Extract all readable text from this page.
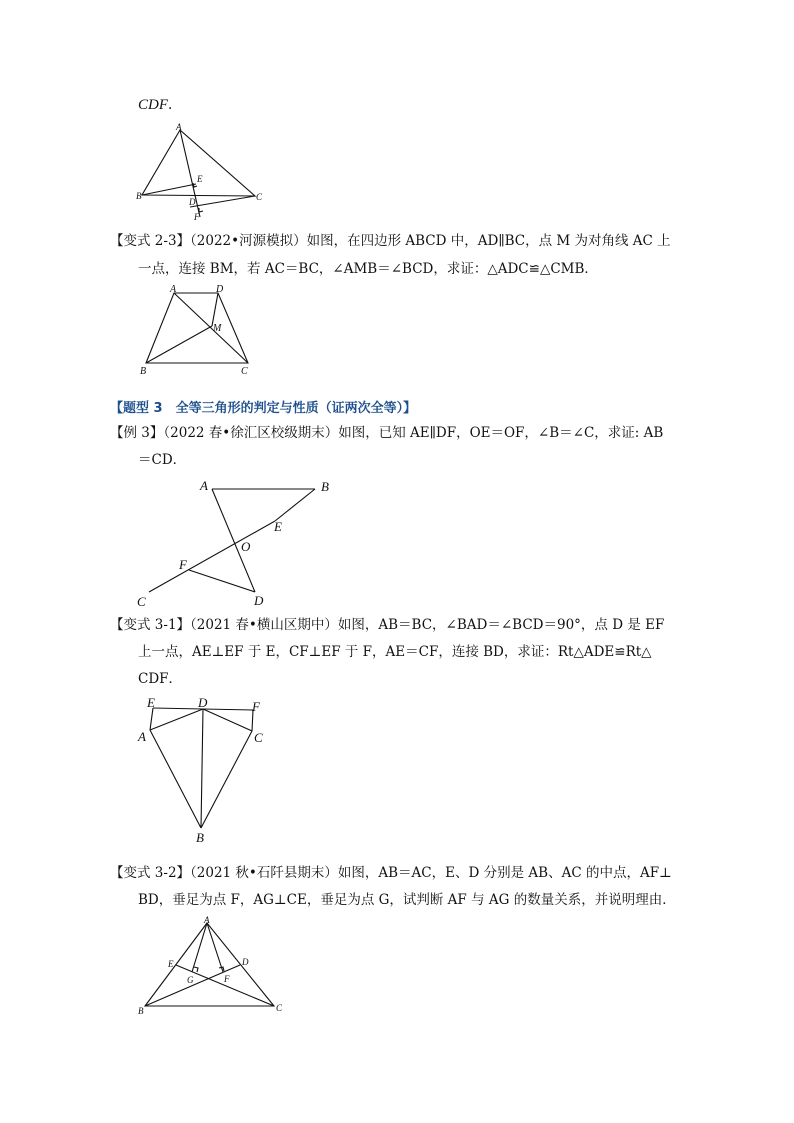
CDF.
A
B	C
D
E
F
【变式 2-3】（2022•河源模拟）如图，在四边形 ABCD 中，AD∥BC，点 M 为对角线 AC 上
一点，连接 BM，若 AC＝BC，∠AMB＝∠BCD，求证：△ADC≌△CMB．
A	D
M
B	C
【题型 3　全等三角形的判定与性质（证两次全等）】
【例 3】（2022 春•徐汇区校级期末）如图，已知 AE∥DF，OE＝OF，∠B＝∠C，求证: AB
＝CD．
A	B
E
O
F
C	D
【变式 3-1】（2021 春•横山区期中）如图，AB＝BC，∠BAD＝∠BCD＝90°，点 D 是 EF
上一点，AE⊥EF 于 E，CF⊥EF 于 F，AE＝CF，连接 BD，求证：Rt△ADE≌Rt△
CDF．
E	D	F
A	C
B
【变式 3-2】（2021 秋•石阡县期末）如图，AB＝AC，E、D 分别是 AB、AC 的中点，AF⊥
BD，垂足为点 F，AG⊥CE，垂足为点 G，试判断 AF 与 AG 的数量关系，并说明理由．
A
E	D
G	F
B	C
